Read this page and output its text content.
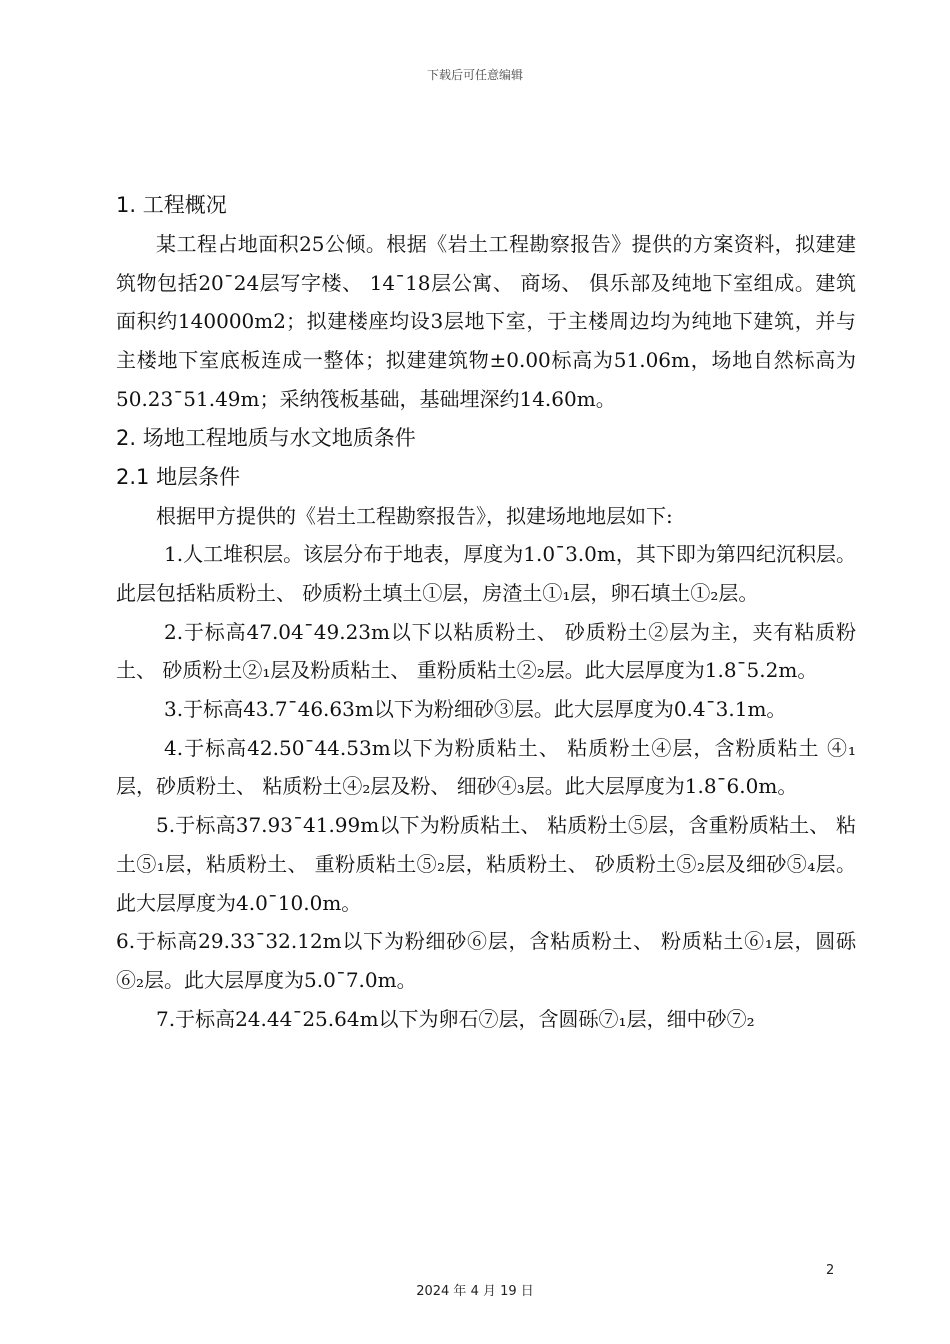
下载后可任意编辑

1. 工程概况

某工程占地面积25公倾。根据《岩土工程勘察报告》提供的方案资料，拟建建筑物包括20¯24层写字楼、 14¯18层公寓、 商场、 俱乐部及纯地下室组成。建筑面积约140000m2；拟建楼座均设3层地下室，于主楼周边均为纯地下建筑，并与主楼地下室底板连成一整体；拟建建筑物±0.00标高为51.06m，场地自然标高为50.23¯51.49m；采纳筏板基础，基础埋深约14.60m。

2. 场地工程地质与水文地质条件

2.1 地层条件

根据甲方提供的《岩土工程勘察报告》，拟建场地地层如下:

1.人工堆积层。该层分布于地表，厚度为1.0¯3.0m，其下即为第四纪沉积层。此层包括粘质粉土、 砂质粉土填土①层，房渣土①₁层，卵石填土①₂层。

2.于标高47.04¯49.23m以下以粘质粉土、 砂质粉土②层为主，夹有粘质粉土、 砂质粉土②₁层及粉质粘土、 重粉质粘土②₂层。此大层厚度为1.8¯5.2m。

3.于标高43.7¯46.63m以下为粉细砂③层。此大层厚度为0.4¯3.1m。

4.于标高42.50¯44.53m以下为粉质粘土、 粘质粉土④层，含粉质粘土 ④₁ 层，砂质粉土、 粘质粉土④₂层及粉、 细砂④₃层。此大层厚度为1.8¯6.0m。

5.于标高37.93¯41.99m以下为粉质粘土、 粘质粉土⑤层，含重粉质粘土、 粘土⑤₁层，粘质粉土、 重粉质粘土⑤₂层，粘质粉土、 砂质粉土⑤₂层及细砂⑤₄层。此大层厚度为4.0¯10.0m。

6.于标高29.33¯32.12m以下为粉细砂⑥层，含粘质粉土、 粉质粘土⑥₁层，圆砾⑥₂层。此大层厚度为5.0¯7.0m。

7.于标高24.44¯25.64m以下为卵石⑦层，含圆砾⑦₁层，细中砂⑦₂

2
2024 年 4 月 19 日
